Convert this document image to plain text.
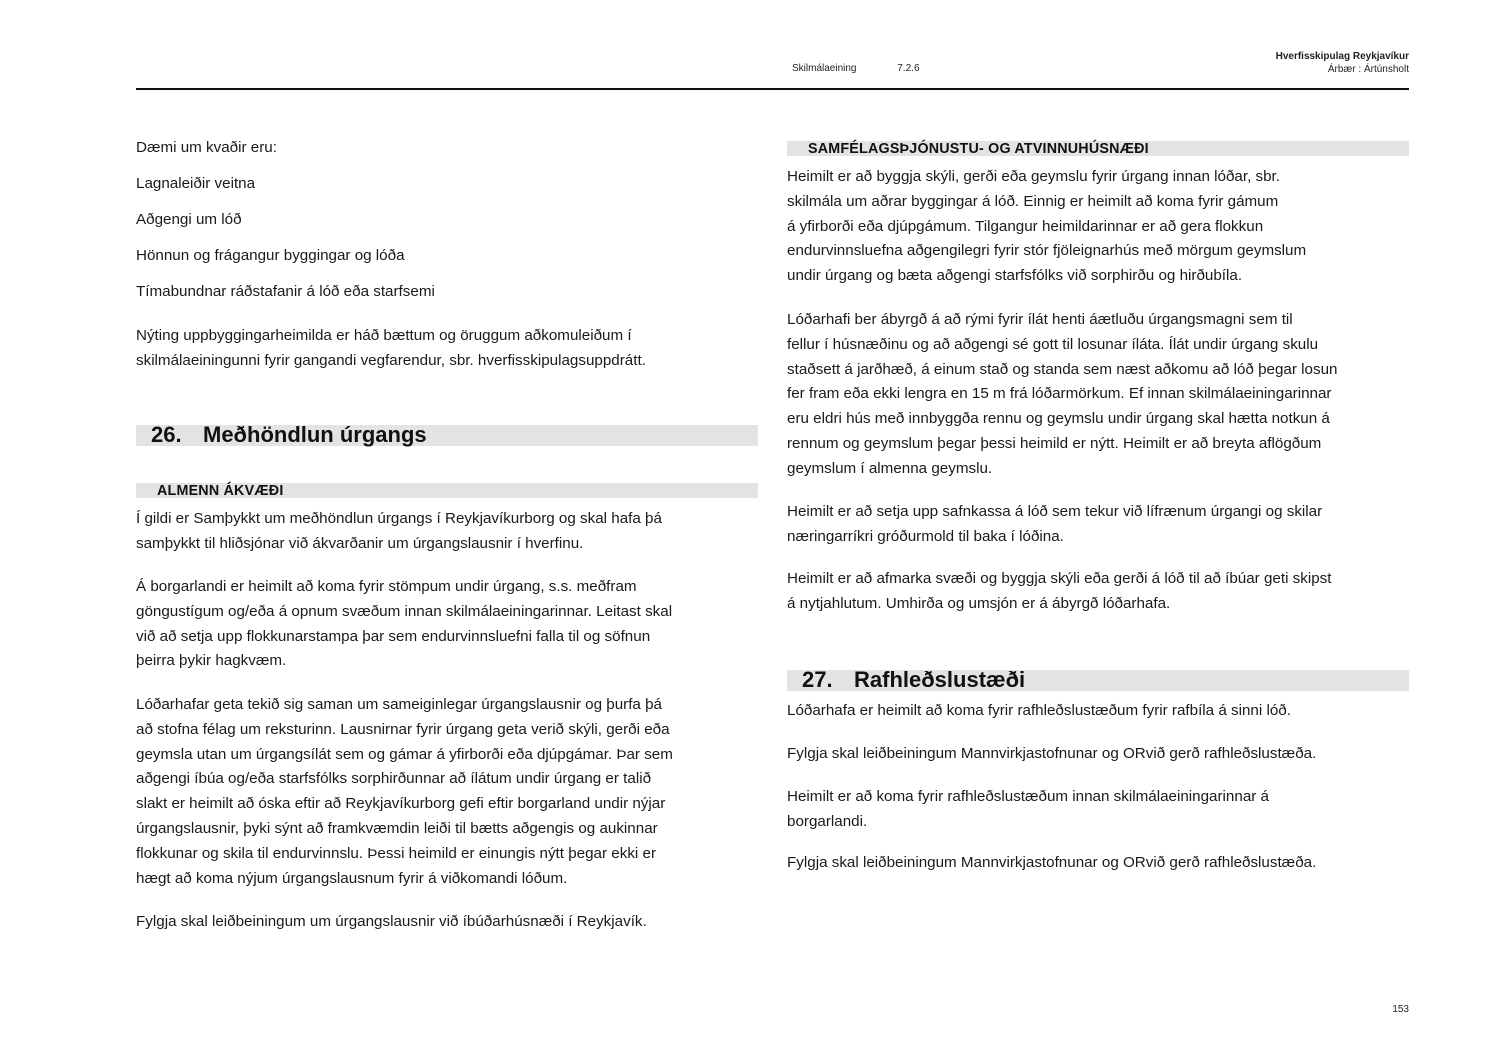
Skilmálaeining	7.2.6
Hverfisskipulag Reykjavíkur
Árbær : Ártúnsholt

Dæmi um kvaðir eru:

Lagnaleiðir veitna

Aðgengi um lóð

Hönnun og frágangur byggingar og lóða

Tímabundnar ráðstafanir á lóð eða starfsemi

Nýting uppbyggingarheimilda er háð bættum og öruggum aðkomuleiðum í
skilmálaeiningunni fyrir gangandi vegfarendur, sbr. hverfisskipulagsuppdrátt.
26. Meðhöndlun úrgangs
ALMENN ÁKVÆÐI
Í gildi er Samþykkt um meðhöndlun úrgangs í Reykjavíkurborg og skal hafa þá
samþykkt til hliðsjónar við ákvarðanir um úrgangslausnir í hverfinu.
Á borgarlandi er heimilt að koma fyrir stömpum undir úrgang, s.s. meðfram
göngustígum og/eða á opnum svæðum innan skilmálaeiningarinnar. Leitast skal
við að setja upp flokkunarstampa þar sem endurvinnsluefni falla til og söfnun
þeirra þykir hagkvæm.
Lóðarhafar geta tekið sig saman um sameiginlegar úrgangslausnir og þurfa þá
að stofna félag um reksturinn. Lausnirnar fyrir úrgang geta verið skýli, gerði eða
geymsla utan um úrgangsílát sem og gámar á yfirborði eða djúpgámar. Þar sem
aðgengi íbúa og/eða starfsfólks sorphirðunnar að ílátum undir úrgang er talið
slakt er heimilt að óska eftir að Reykjavíkurborg gefi eftir borgarland undir nýjar
úrgangslausnir, þyki sýnt að framkvæmdin leiði til bætts aðgengis og aukinnar
flokkunar og skila til endurvinnslu. Þessi heimild er einungis nýtt þegar ekki er
hægt að koma nýjum úrgangslausnum fyrir á viðkomandi lóðum.
Fylgja skal leiðbeiningum um úrgangslausnir við íbúðarhúsnæði í Reykjavík.
SAMFÉLAGSÞJÓNUSTU- OG ATVINNUHÚSNÆÐI
Heimilt er að byggja skýli, gerði eða geymslu fyrir úrgang innan lóðar, sbr.
skilmála um aðrar byggingar á lóð. Einnig er heimilt að koma fyrir gámum
á yfirborði eða djúpgámum. Tilgangur heimildarinnar er að gera flokkun
endurvinnsluefna aðgengilegri fyrir stór fjöleignarhús með mörgum geymslum
undir úrgang og bæta aðgengi starfsfólks við sorphirðu og hirðubíla.
Lóðarhafi ber ábyrgð á að rými fyrir ílát henti áætluðu úrgangsmagni sem til
fellur í húsnæðinu og að aðgengi sé gott til losunar íláta. Ílát undir úrgang skulu
staðsett á jarðhæð, á einum stað og standa sem næst aðkomu að lóð þegar losun
fer fram eða ekki lengra en 15 m frá lóðarmörkum. Ef innan skilmálaeiningarinnar
eru eldri hús með innbyggða rennu og geymslu undir úrgang skal hætta notkun á
rennum og geymslum þegar þessi heimild er nýtt. Heimilt er að breyta aflögðum
geymslum í almenna geymslu.
Heimilt er að setja upp safnkassa á lóð sem tekur við lífrænum úrgangi og skilar
næringarríkri gróðurmold til baka í lóðina.
Heimilt er að afmarka svæði og byggja skýli eða gerði á lóð til að íbúar geti skipst
á nytjahlutum. Umhirða og umsjón er á ábyrgð lóðarhafa.
27. Rafhleðslustæði
Lóðarhafa er heimilt að koma fyrir rafhleðslustæðum fyrir rafbíla á sinni lóð.
Fylgja skal leiðbeiningum Mannvirkjastofnunar og ORvið gerð rafhleðslustæða.
Heimilt er að koma fyrir rafhleðslustæðum innan skilmálaeiningarinnar á
borgarlandi.
Fylgja skal leiðbeiningum Mannvirkjastofnunar og ORvið gerð rafhleðslustæða.
153
